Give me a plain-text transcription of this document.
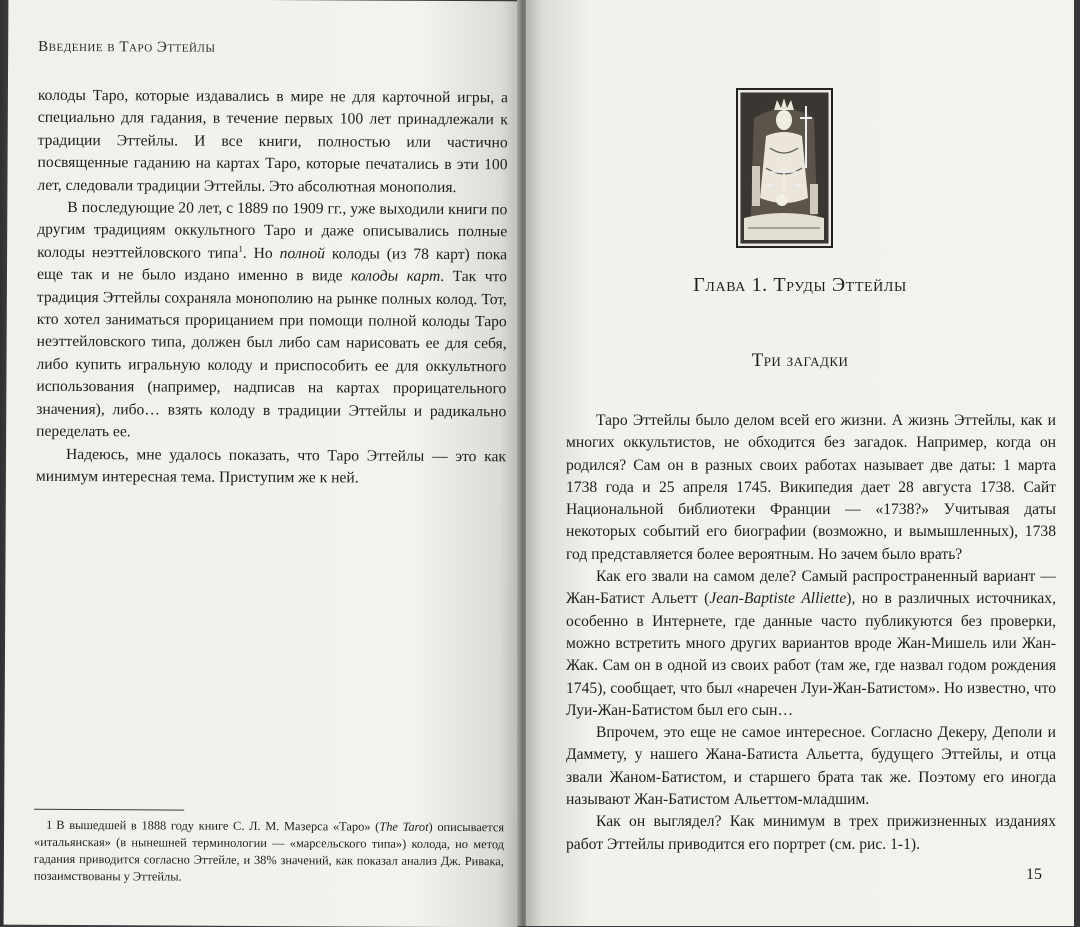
Введение в Таро Эттейлы

колоды Таро, которые издавались в мире не для карточной игры, а специально для гадания, в течение первых 100 лет принадлежали к традиции Эттейлы. И все книги, полностью или частично посвященные гаданию на картах Таро, которые печатались в эти 100 лет, следовали традиции Эттейлы. Это абсолютная монополия.

В последующие 20 лет, с 1889 по 1909 гг., уже выходили книги по другим традициям оккультного Таро и даже описывались полные колоды неэттейловского типа$^1$. Но полной колоды (из 78 карт) пока еще так и не было издано именно в виде колоды карт. Так что традиция Эттейлы сохраняла монополию на рынке полных колод. Тот, кто хотел заниматься прорицанием при помощи полной колоды Таро неэттейловского типа, должен был либо сам нарисовать ее для себя, либо купить игральную колоду и приспособить ее для оккультного использования (например, надписав на картах прорицательного значения), либо… взять колоду в традиции Эттейлы и радикально переделать ее.

Надеюсь, мне удалось показать, что Таро Эттейлы — это как минимум интересная тема. Приступим же к ней.

1 В вышедшей в 1888 году книге С. Л. М. Мазерса «Таро» (The Tarot) описывается «итальянская» (в нынешней терминологии — «марсельского типа») колода, но метод гадания приводится согласно Эттейле, и 38% значений, как показал анализ Дж. Ривака, позаимствованы у Эттейлы.
Глава 1. Труды Эттейлы
Три загадки

Таро Эттейлы было делом всей его жизни. А жизнь Эттейлы, как и многих оккультистов, не обходится без загадок. Например, когда он родился? Сам он в разных своих работах называет две даты: 1 марта 1738 года и 25 апреля 1745. Википедия дает 28 августа 1738. Сайт Национальной библиотеки Франции — «1738?» Учитывая даты некоторых событий его биографии (возможно, и вымышленных), 1738 год представляется более вероятным. Но зачем было врать?

Как его звали на самом деле? Самый распространенный вариант — Жан-Батист Альетт (Jean-Baptiste Alliette), но в различных источниках, особенно в Интернете, где данные часто публикуются без проверки, можно встретить много других вариантов вроде Жан-Мишель или Жан-Жак. Сам он в одной из своих работ (там же, где назвал годом рождения 1745), сообщает, что был «наречен Луи-Жан-Батистом». Но известно, что Луи-Жан-Батистом был его сын…

Впрочем, это еще не самое интересное. Согласно Декеру, Деполи и Даммету, у нашего Жана-Батиста Альетта, будущего Эттейлы, и отца звали Жаном-Батистом, и старшего брата так же. Поэтому его иногда называют Жан-Батистом Альеттом-младшим.

Как он выглядел? Как минимум в трех прижизненных изданиях работ Эттейлы приводится его портрет (см. рис. 1-1).

15
